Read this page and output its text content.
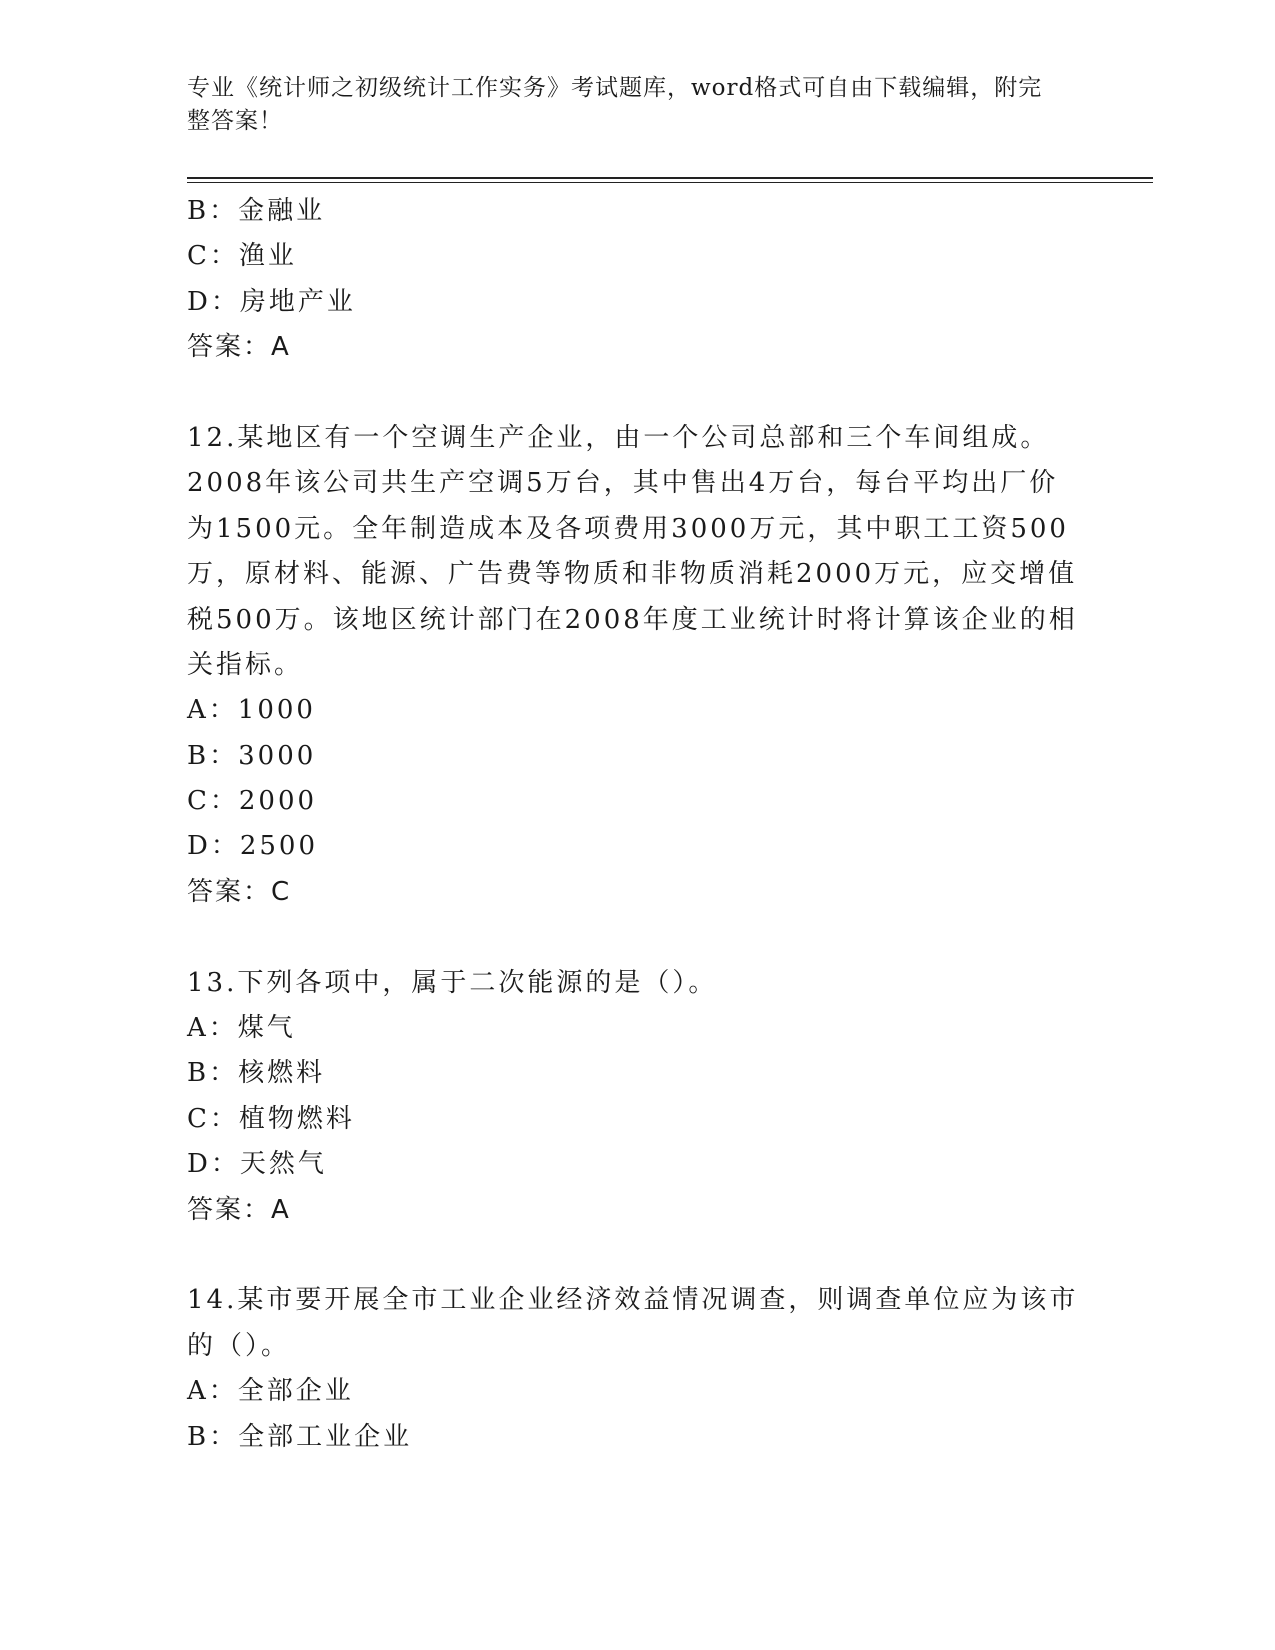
专业《统计师之初级统计工作实务》考试题库，word格式可自由下载编辑，附完
整答案！
B：金融业
C：渔业
D：房地产业
答案：A
12.某地区有一个空调生产企业，由一个公司总部和三个车间组成。
2008年该公司共生产空调5万台，其中售出4万台，每台平均出厂价
为1500元。全年制造成本及各项费用3000万元，其中职工工资500
万，原材料、能源、广告费等物质和非物质消耗2000万元，应交增值
税500万。该地区统计部门在2008年度工业统计时将计算该企业的相
关指标。
A：1000
B：3000
C：2000
D：2500
答案：C
13.下列各项中，属于二次能源的是（）。
A：煤气
B：核燃料
C：植物燃料
D：天然气
答案：A
14.某市要开展全市工业企业经济效益情况调查，则调查单位应为该市
的（）。
A：全部企业
B：全部工业企业
